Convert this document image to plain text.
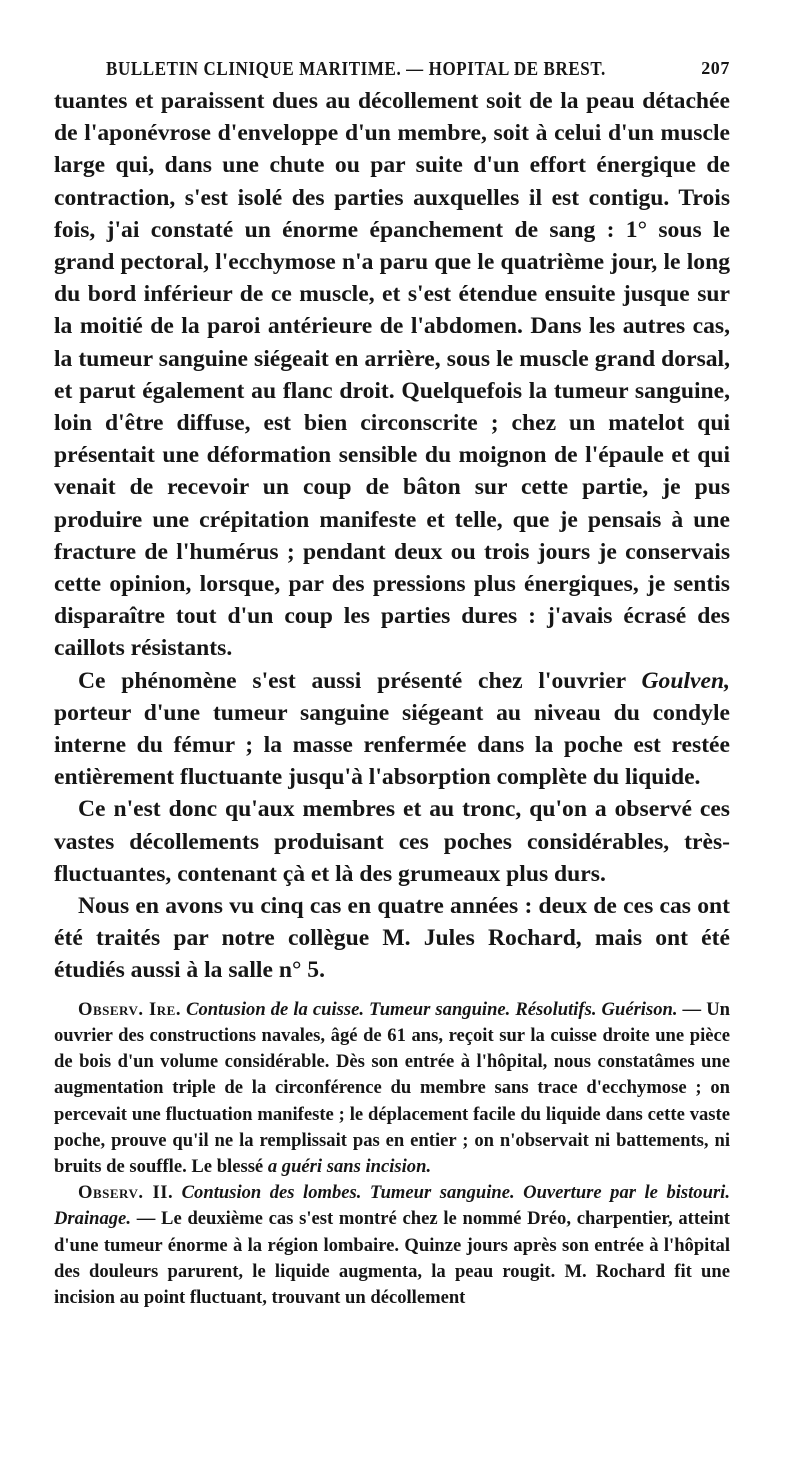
BULLETIN CLINIQUE MARITIME. — HOPITAL DE BREST.	207

tuantes et paraissent dues au décollement soit de la peau détachée de l'aponévrose d'enveloppe d'un membre, soit à celui d'un muscle large qui, dans une chute ou par suite d'un effort énergique de contraction, s'est isolé des parties auxquelles il est contigu. Trois fois, j'ai constaté un énorme épanchement de sang : 1° sous le grand pectoral, l'ecchymose n'a paru que le quatrième jour, le long du bord inférieur de ce muscle, et s'est étendue ensuite jusque sur la moitié de la paroi antérieure de l'abdomen. Dans les autres cas, la tumeur sanguine siégeait en arrière, sous le muscle grand dorsal, et parut également au flanc droit. Quelquefois la tumeur sanguine, loin d'être diffuse, est bien circonscrite ; chez un matelot qui présentait une déformation sensible du moignon de l'épaule et qui venait de recevoir un coup de bâton sur cette partie, je pus produire une crépitation manifeste et telle, que je pensais à une fracture de l'humérus ; pendant deux ou trois jours je conservais cette opinion, lorsque, par des pressions plus énergiques, je sentis disparaître tout d'un coup les parties dures : j'avais écrasé des caillots résistants.

Ce phénomène s'est aussi présenté chez l'ouvrier Goulven, porteur d'une tumeur sanguine siégeant au niveau du condyle interne du fémur ; la masse renfermée dans la poche est restée entièrement fluctuante jusqu'à l'absorption complète du liquide.

Ce n'est donc qu'aux membres et au tronc, qu'on a observé ces vastes décollements produisant ces poches considérables, très-fluctuantes, contenant çà et là des grumeaux plus durs.

Nous en avons vu cinq cas en quatre années : deux de ces cas ont été traités par notre collègue M. Jules Rochard, mais ont été étudiés aussi à la salle n° 5.

Observ. Ire. Contusion de la cuisse. Tumeur sanguine. Résolutifs. Guérison. — Un ouvrier des constructions navales, âgé de 61 ans, reçoit sur la cuisse droite une pièce de bois d'un volume considérable. Dès son entrée à l'hôpital, nous constatâmes une augmentation triple de la circonférence du membre sans trace d'ecchymose ; on percevait une fluctuation manifeste ; le déplacement facile du liquide dans cette vaste poche, prouve qu'il ne la remplissait pas en entier ; on n'observait ni battements, ni bruits de souffle. Le blessé a guéri sans incision.

Observ. II. Contusion des lombes. Tumeur sanguine. Ouverture par le bistouri. Drainage. — Le deuxième cas s'est montré chez le nommé Dréo, charpentier, atteint d'une tumeur énorme à la région lombaire. Quinze jours après son entrée à l'hôpital des douleurs parurent, le liquide augmenta, la peau rougit. M. Rochard fit une incision au point fluctuant, trouvant un décollement
